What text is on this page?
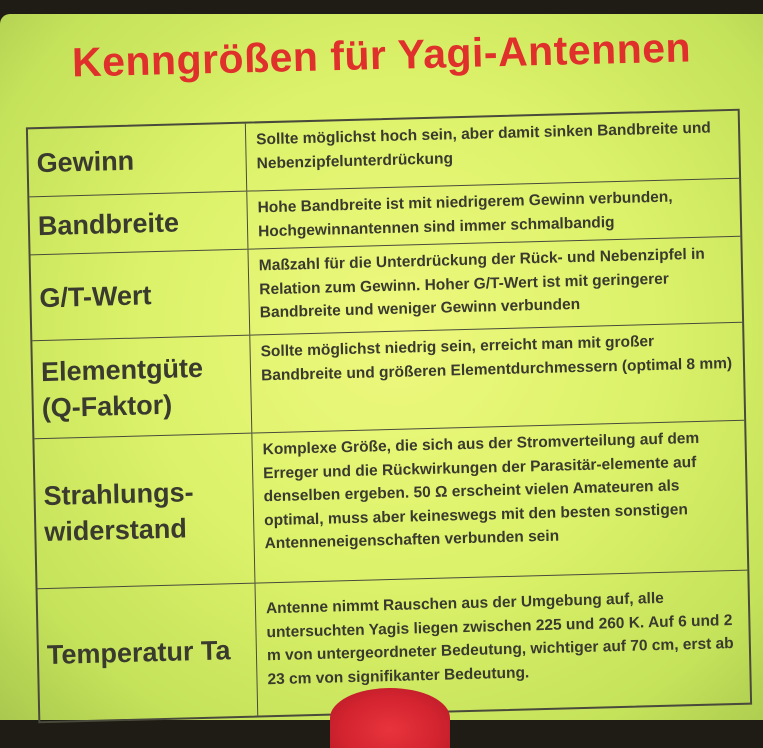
Kenngrößen für Yagi-Antennen
Gewinn
Sollte möglichst hoch sein, aber damit sinken Bandbreite und Nebenzipfelunterdrückung
Bandbreite
Hohe Bandbreite ist mit niedrigerem Gewinn verbunden, Hochgewinnantennen sind immer schmalbandig
G/T-Wert
Maßzahl für die Unterdrückung der Rück- und Nebenzipfel in Relation zum Gewinn. Hoher G/T-Wert ist mit geringerer Bandbreite und weniger Gewinn verbunden
Elementgüte (Q-Faktor)
Sollte möglichst niedrig sein, erreicht man mit großer Bandbreite und größeren Elementdurchmessern (optimal 8 mm)
Strahlungs-widerstand
Komplexe Größe, die sich aus der Stromverteilung auf dem Erreger und die Rückwirkungen der Parasitär-elemente auf denselben ergeben. 50 Ω erscheint vielen Amateuren als optimal, muss aber keineswegs mit den besten sonstigen Antenneneigenschaften verbunden sein
Temperatur Ta
Antenne nimmt Rauschen aus der Umgebung auf, alle untersuchten Yagis liegen zwischen 225 und 260 K. Auf 6 und 2 m von untergeordneter Bedeutung, wichtiger auf 70 cm, erst ab 23 cm von signifikanter Bedeutung.
